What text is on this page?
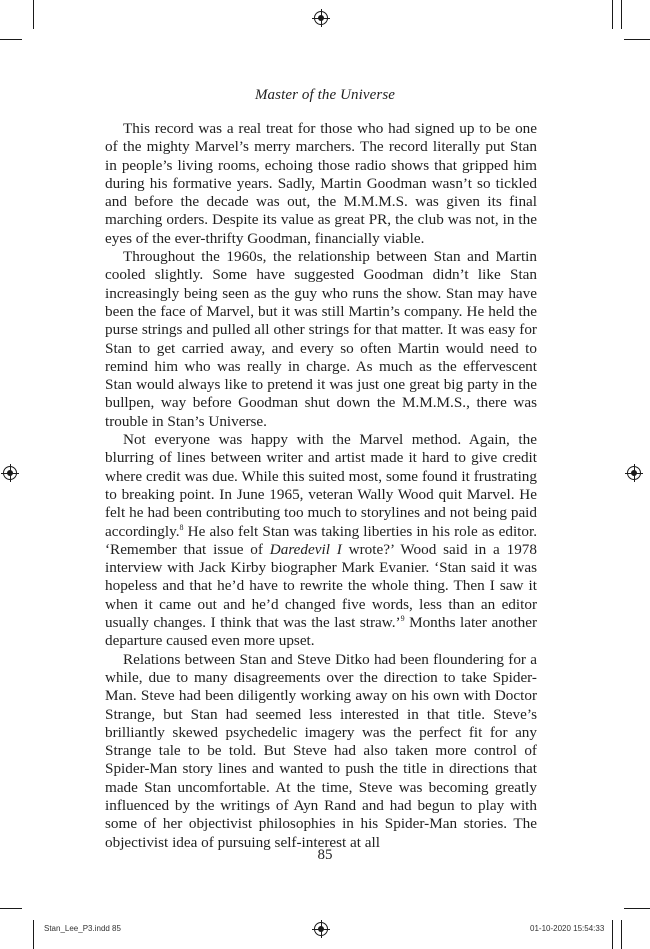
Master of the Universe

This record was a real treat for those who had signed up to be one of the mighty Marvel’s merry marchers. The record literally put Stan in people’s living rooms, echoing those radio shows that gripped him during his formative years. Sadly, Martin Goodman wasn’t so tickled and before the decade was out, the M.M.M.S. was given its final marching orders. Despite its value as great PR, the club was not, in the eyes of the ever-thrifty Goodman, financially viable.

Throughout the 1960s, the relationship between Stan and Martin cooled slightly. Some have suggested Goodman didn’t like Stan increasingly being seen as the guy who runs the show. Stan may have been the face of Marvel, but it was still Martin’s company. He held the purse strings and pulled all other strings for that matter. It was easy for Stan to get carried away, and every so often Martin would need to remind him who was really in charge. As much as the effervescent Stan would always like to pretend it was just one great big party in the bullpen, way before Goodman shut down the M.M.M.S., there was trouble in Stan’s Universe.

Not everyone was happy with the Marvel method. Again, the blurring of lines between writer and artist made it hard to give credit where credit was due. While this suited most, some found it frustrating to breaking point. In June 1965, veteran Wally Wood quit Marvel. He felt he had been contributing too much to storylines and not being paid accordingly.$^8$ He also felt Stan was taking liberties in his role as editor. ‘Remember that issue of Daredevil I wrote?’ Wood said in a 1978 interview with Jack Kirby biographer Mark Evanier. ‘Stan said it was hopeless and that he’d have to rewrite the whole thing. Then I saw it when it came out and he’d changed five words, less than an editor usually changes. I think that was the last straw.’$^9$ Months later another departure caused even more upset.

Relations between Stan and Steve Ditko had been floundering for a while, due to many disagreements over the direction to take Spider-Man. Steve had been diligently working away on his own with Doctor Strange, but Stan had seemed less interested in that title. Steve’s brilliantly skewed psychedelic imagery was the perfect fit for any Strange tale to be told. But Steve had also taken more control of Spider-Man story lines and wanted to push the title in directions that made Stan uncomfortable. At the time, Steve was becoming greatly influenced by the writings of Ayn Rand and had begun to play with some of her objectivist philosophies in his Spider-Man stories. The objectivist idea of pursuing self-interest at all

85
Stan_Lee_P3.indd 85	01-10-2020 15:54:33
